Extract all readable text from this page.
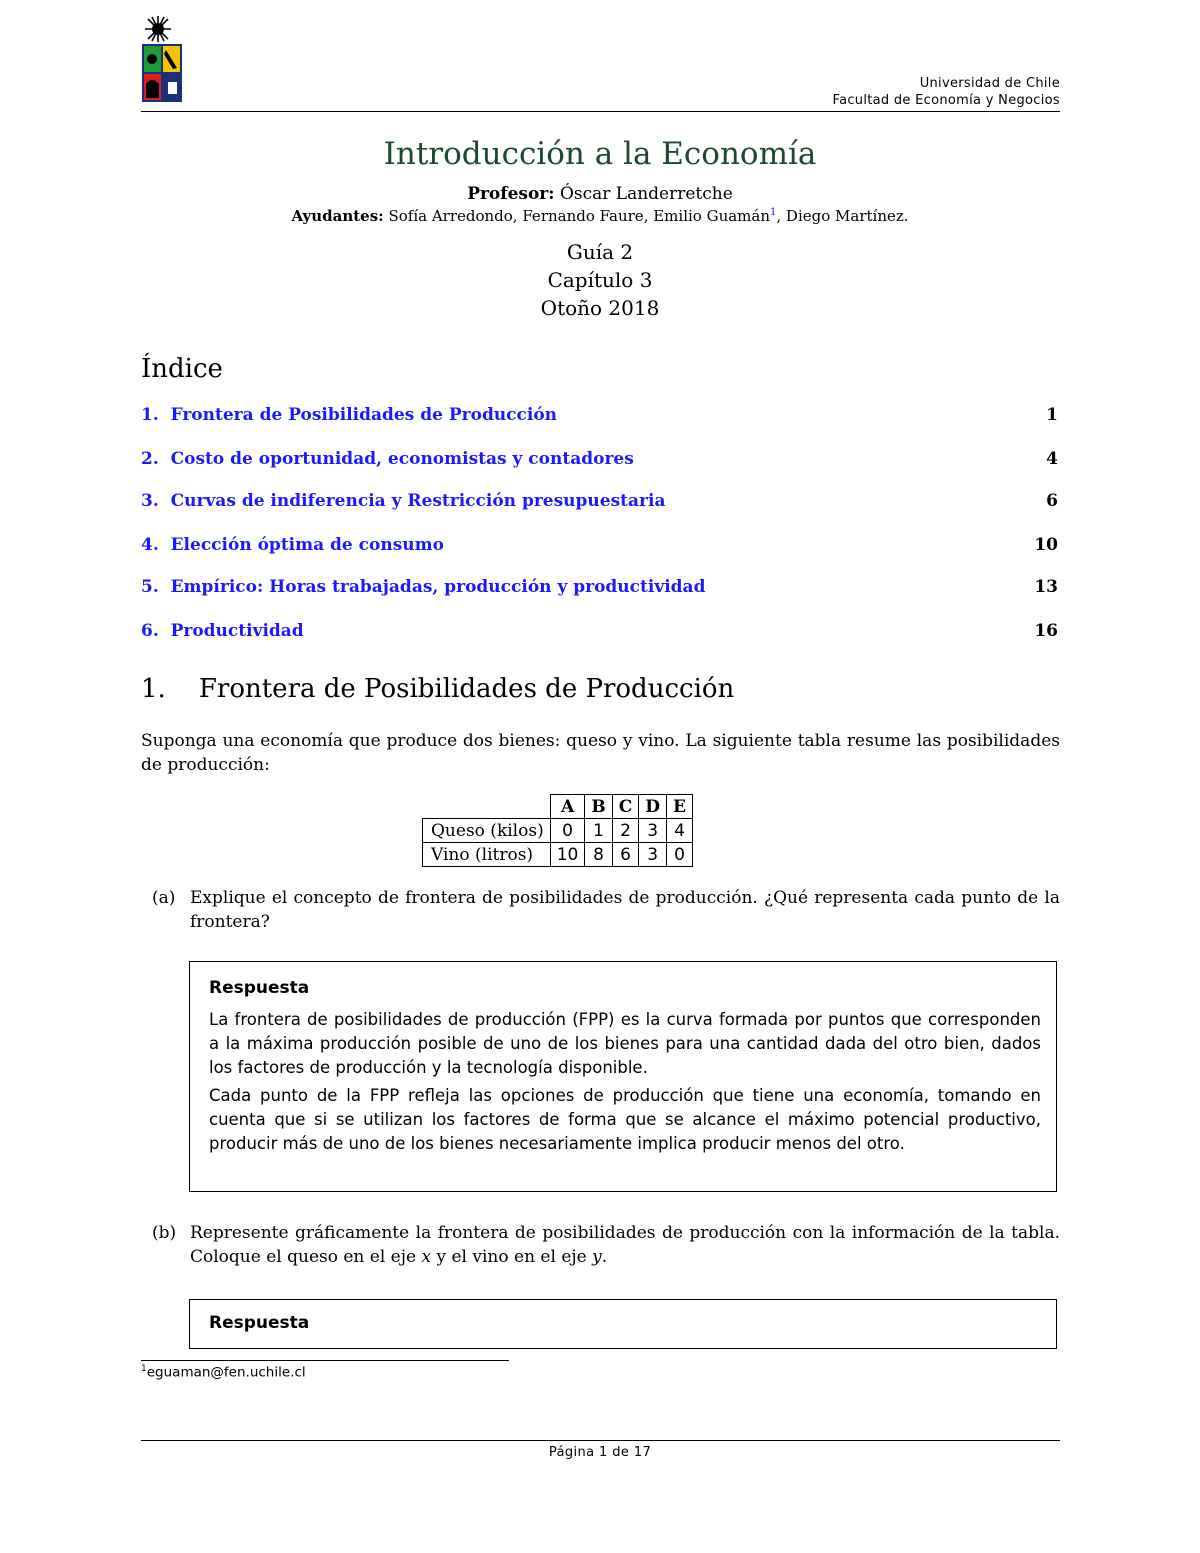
Universidad de Chile
Facultad de Economía y Negocios
Introducción a la Economía
Profesor: Óscar Landerretche
Ayudantes: Sofía Arredondo, Fernando Faure, Emilio Guamán$^1$, Diego Martínez.
Guía 2
Capítulo 3
Otoño 2018
Índice
1.  Frontera de Posibilidades de Producción	1
2.  Costo de oportunidad, economistas y contadores	4
3.  Curvas de indiferencia y Restricción presupuestaria	6
4.  Elección óptima de consumo	10
5.  Empírico: Horas trabajadas, producción y productividad	13
6.  Productividad	16
1.    Frontera de Posibilidades de Producción
Suponga una economía que produce dos bienes: queso y vino. La siguiente tabla resume las posibilidades de producción:
	A	B	C	D	E
Queso (kilos)	0	1	2	3	4
Vino (litros)	10	8	6	3	0
(a) Explique el concepto de frontera de posibilidades de producción. ¿Qué representa cada punto de la frontera?
Respuesta
La frontera de posibilidades de producción (FPP) es la curva formada por puntos que corresponden a la máxima producción posible de uno de los bienes para una cantidad dada del otro bien, dados los factores de producción y la tecnología disponible.
Cada punto de la FPP refleja las opciones de producción que tiene una economía, tomando en cuenta que si se utilizan los factores de forma que se alcance el máximo potencial productivo, producir más de uno de los bienes necesariamente implica producir menos del otro.
(b) Represente gráficamente la frontera de posibilidades de producción con la información de la tabla. Coloque el queso en el eje x y el vino en el eje y.
Respuesta
$^1$eguaman@fen.uchile.cl
Página 1 de 17
